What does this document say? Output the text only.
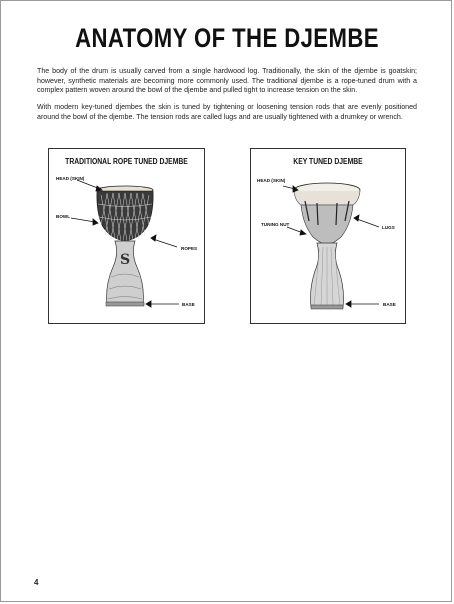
ANATOMY OF THE DJEMBE
The body of the drum is usually carved from a single hardwood log. Traditionally, the skin of the djembe is goatskin; however, synthetic materials are becoming more commonly used. The traditional djembe is a rope-tuned drum with a complex pattern woven around the bowl of the djembe and pulled tight to increase tension on the skin.
With modern key-tuned djembes the skin is tuned by tightening or loosening tension rods that are evenly positioned around the bowl of the djembe. The tension rods are called lugs and are usually tightened with a drumkey or wrench.
TRADITIONAL ROPE TUNED DJEMBE
S
HEAD (SKIN)
BOWL
ROPES
BASE
KEY TUNED DJEMBE
HEAD (SKIN)
TUNING NUT
LUGS
BASE
4
